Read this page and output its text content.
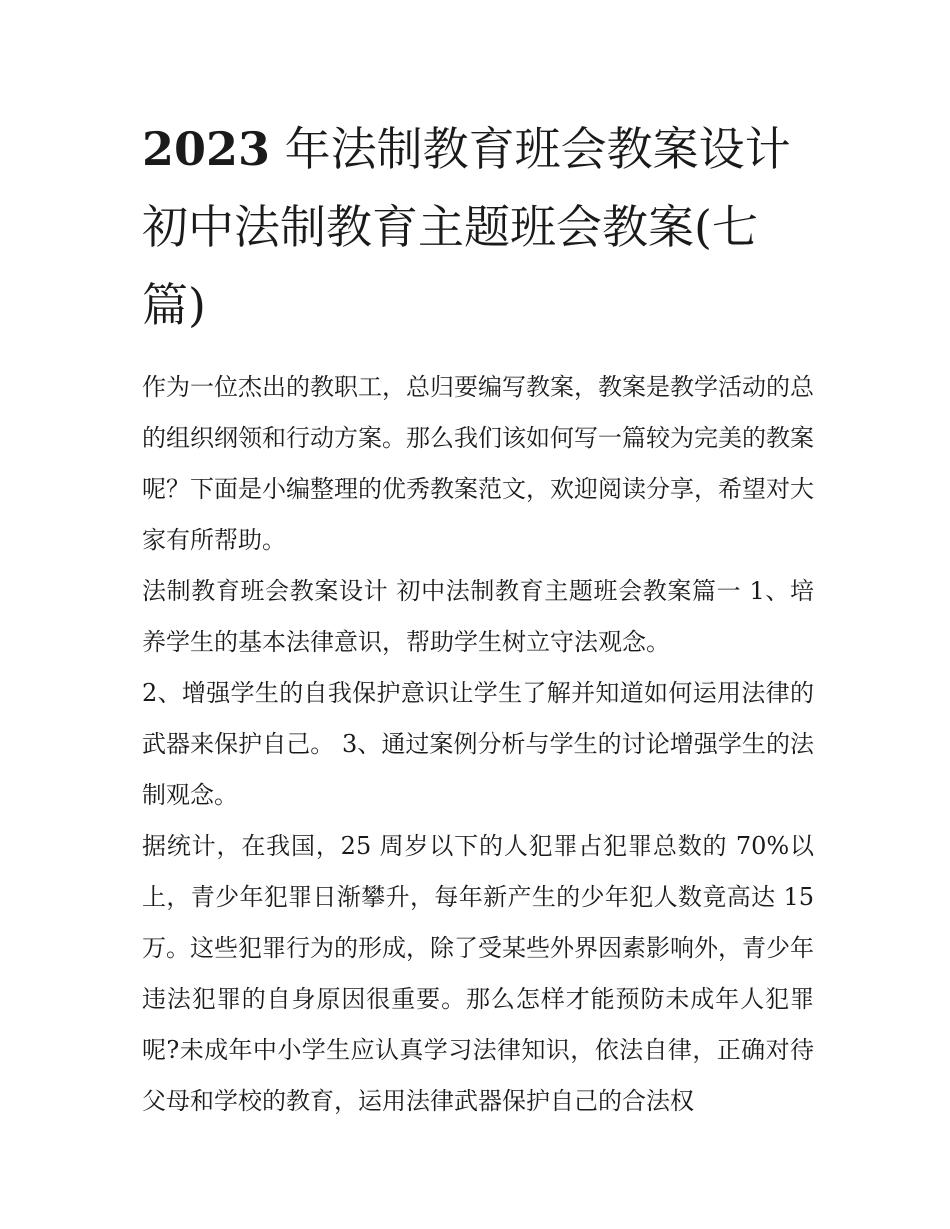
2023 年法制教育班会教案设计 初中法制教育主题班会教案(七篇)

作为一位杰出的教职工，总归要编写教案，教案是教学活动的总的组织纲领和行动方案。那么我们该如何写一篇较为完美的教案呢？下面是小编整理的优秀教案范文，欢迎阅读分享，希望对大家有所帮助。

法制教育班会教案设计 初中法制教育主题班会教案篇一 1、培养学生的基本法律意识，帮助学生树立守法观念。

2、增强学生的自我保护意识让学生了解并知道如何运用法律的武器来保护自己。 3、通过案例分析与学生的讨论增强学生的法制观念。

据统计，在我国，25 周岁以下的人犯罪占犯罪总数的 70%以上，青少年犯罪日渐攀升，每年新产生的少年犯人数竟高达 15 万。这些犯罪行为的形成，除了受某些外界因素影响外，青少年违法犯罪的自身原因很重要。那么怎样才能预防未成年人犯罪呢?未成年中小学生应认真学习法律知识，依法自律，正确对待父母和学校的教育，运用法律武器保护自己的合法权
